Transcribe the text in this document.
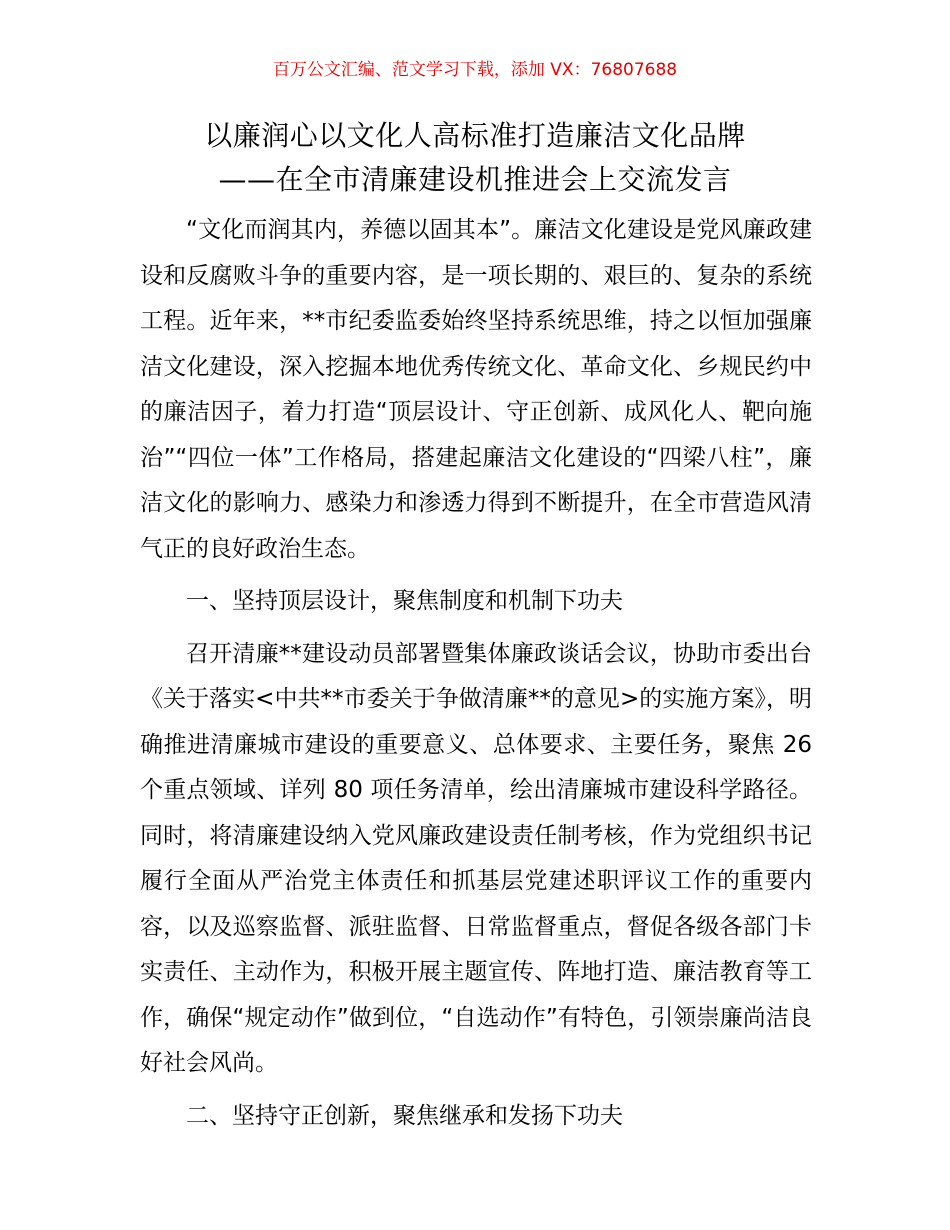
百万公文汇编、范文学习下载，添加 VX：76807688
以廉润心以文化人高标准打造廉洁文化品牌
——在全市清廉建设机推进会上交流发言

“文化而润其内，养德以固其本”。廉洁文化建设是党风廉政建设和反腐败斗争的重要内容，是一项长期的、艰巨的、复杂的系统工程。近年来，**市纪委监委始终坚持系统思维，持之以恒加强廉洁文化建设，深入挖掘本地优秀传统文化、革命文化、乡规民约中的廉洁因子，着力打造“顶层设计、守正创新、成风化人、靶向施治”“四位一体”工作格局，搭建起廉洁文化建设的“四梁八柱”，廉洁文化的影响力、感染力和渗透力得到不断提升，在全市营造风清气正的良好政治生态。

一、坚持顶层设计，聚焦制度和机制下功夫

召开清廉**建设动员部署暨集体廉政谈话会议，协助市委出台《关于落实<中共**市委关于争做清廉**的意见>的实施方案》，明确推进清廉城市建设的重要意义、总体要求、主要任务，聚焦 26 个重点领域、详列 80 项任务清单，绘出清廉城市建设科学路径。同时，将清廉建设纳入党风廉政建设责任制考核，作为党组织书记履行全面从严治党主体责任和抓基层党建述职评议工作的重要内容，以及巡察监督、派驻监督、日常监督重点，督促各级各部门卡实责任、主动作为，积极开展主题宣传、阵地打造、廉洁教育等工作，确保“规定动作”做到位，“自选动作”有特色，引领崇廉尚洁良好社会风尚。

二、坚持守正创新，聚焦继承和发扬下功夫
